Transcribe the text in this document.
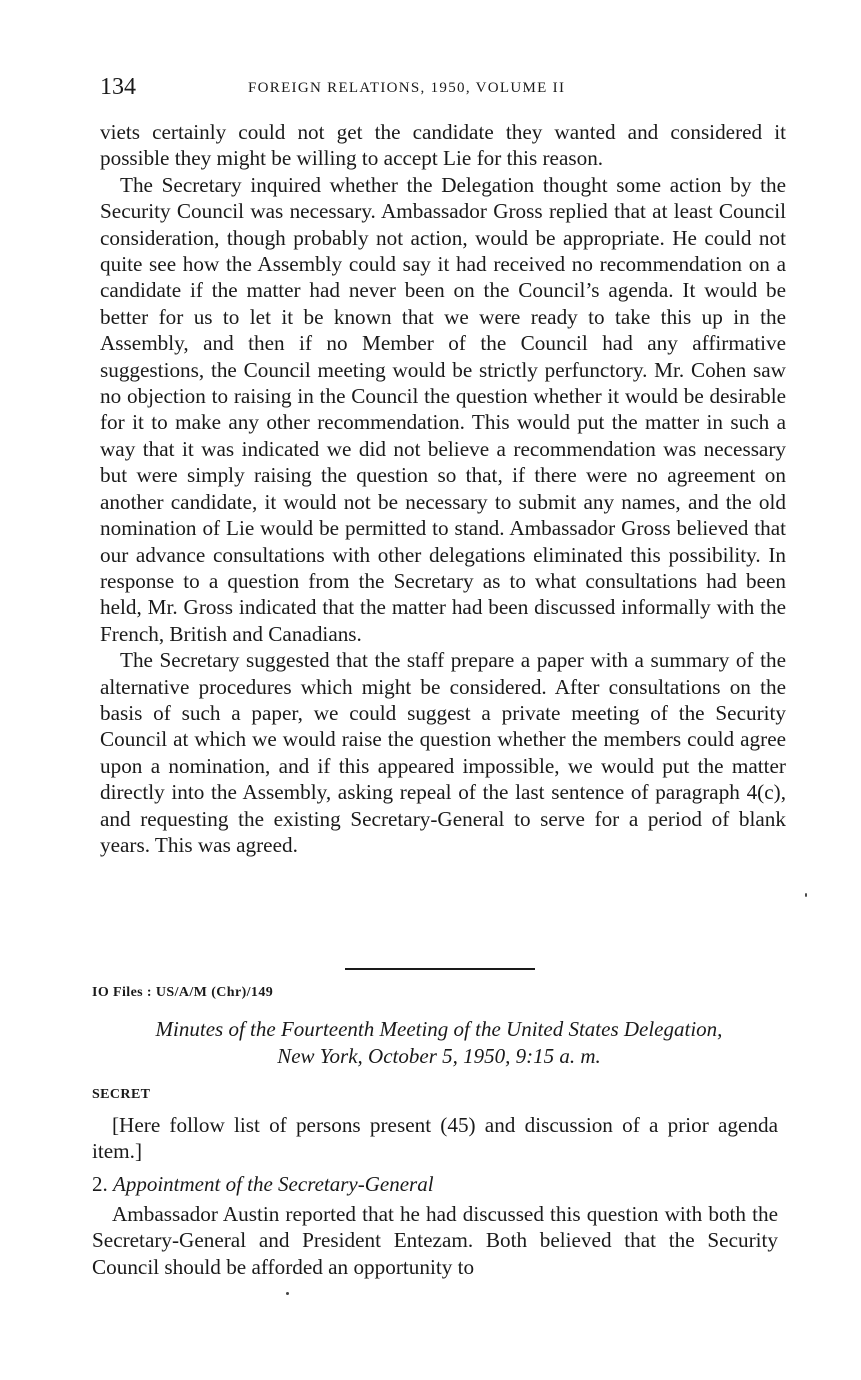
134	FOREIGN RELATIONS, 1950, VOLUME II

viets certainly could not get the candidate they wanted and considered it possible they might be willing to accept Lie for this reason.

The Secretary inquired whether the Delegation thought some action by the Security Council was necessary. Ambassador Gross replied that at least Council consideration, though probably not action, would be appropriate. He could not quite see how the Assembly could say it had received no recommendation on a candidate if the matter had never been on the Council’s agenda. It would be better for us to let it be known that we were ready to take this up in the Assembly, and then if no Member of the Council had any affirmative suggestions, the Council meeting would be strictly perfunctory. Mr. Cohen saw no objection to raising in the Council the question whether it would be desirable for it to make any other recommendation. This would put the matter in such a way that it was indicated we did not believe a recommendation was necessary but were simply raising the question so that, if there were no agreement on another candidate, it would not be necessary to submit any names, and the old nomination of Lie would be permitted to stand. Ambassador Gross believed that our advance consultations with other delegations eliminated this possibility. In response to a question from the Secretary as to what consultations had been held, Mr. Gross indicated that the matter had been discussed informally with the French, British and Canadians.

The Secretary suggested that the staff prepare a paper with a summary of the alternative procedures which might be considered. After consultations on the basis of such a paper, we could suggest a private meeting of the Security Council at which we would raise the question whether the members could agree upon a nomination, and if this appeared impossible, we would put the matter directly into the Assembly, asking repeal of the last sentence of paragraph 4(c), and requesting the existing Secretary-General to serve for a period of blank years. This was agreed.

IO Files : US/A/M (Chr)/149

Minutes of the Fourteenth Meeting of the United States Delegation,
New York, October 5, 1950, 9:15 a. m.

SECRET

[Here follow list of persons present (45) and discussion of a prior agenda item.]

2. Appointment of the Secretary-General

Ambassador Austin reported that he had discussed this question with both the Secretary-General and President Entezam. Both believed that the Security Council should be afforded an opportunity to
